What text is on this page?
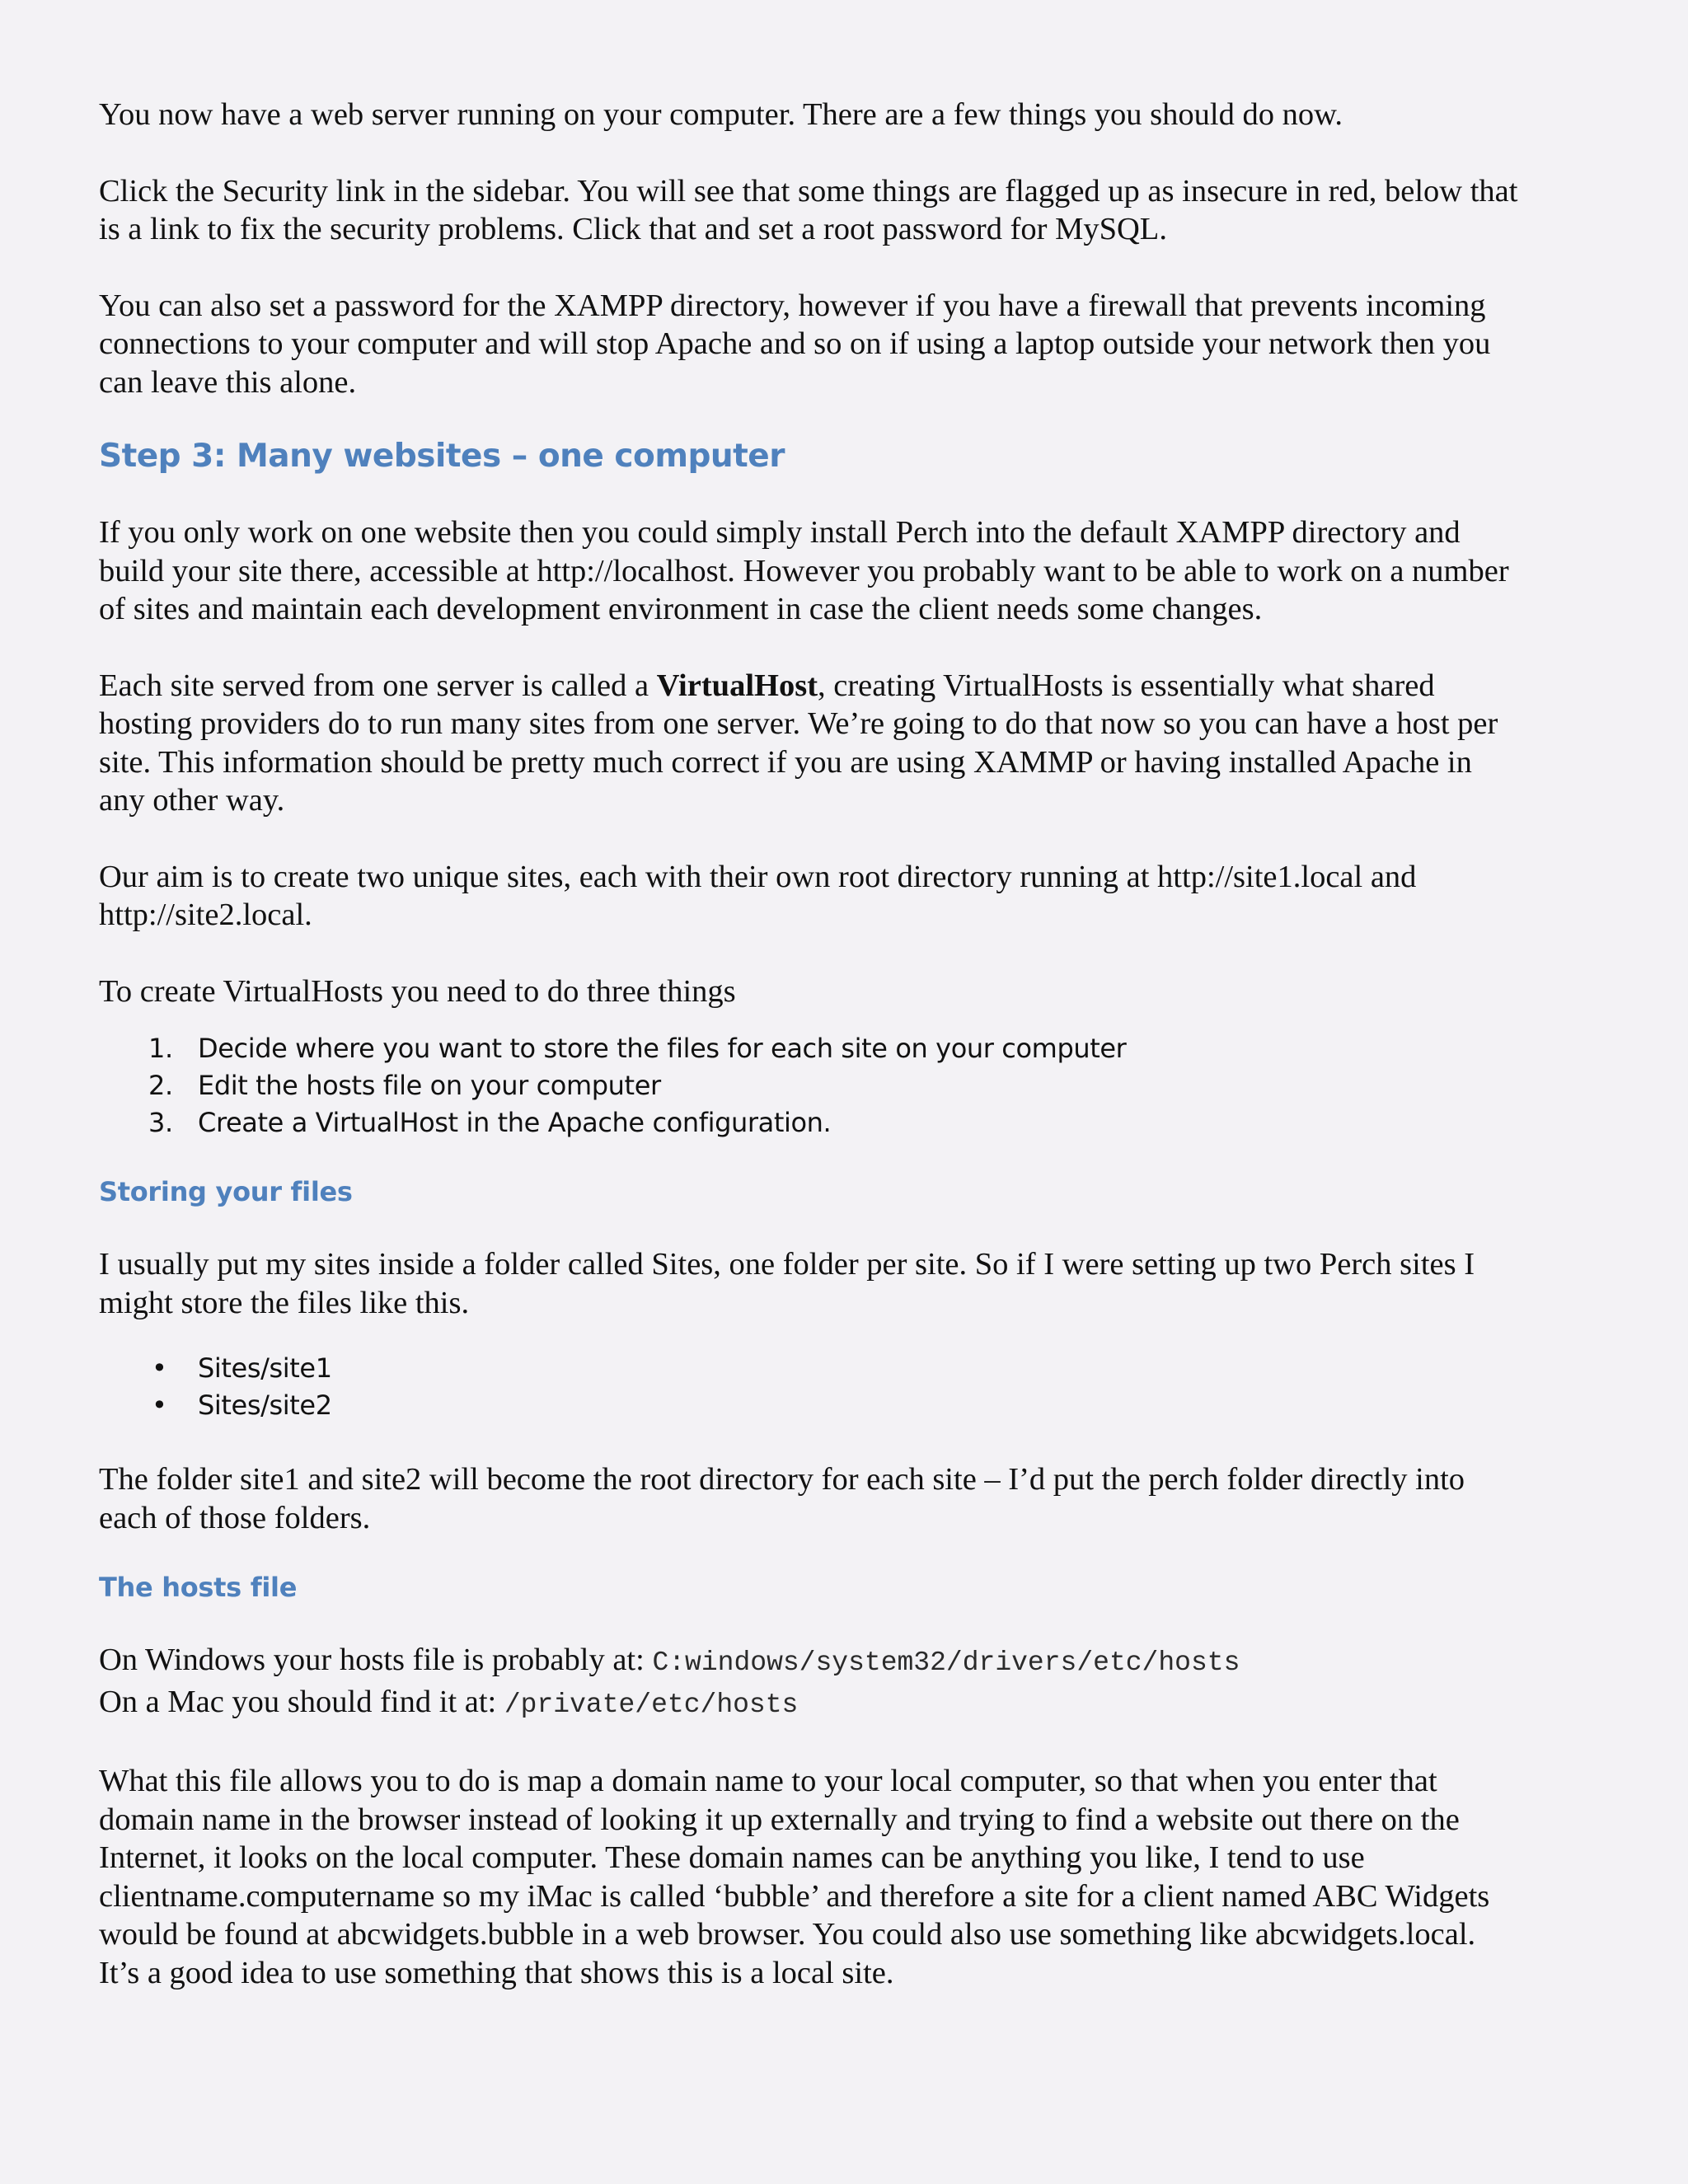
You now have a web server running on your computer. There are a few things you should do now.

Click the Security link in the sidebar. You will see that some things are flagged up as insecure in red, below that
is a link to fix the security problems. Click that and set a root password for MySQL.

You can also set a password for the XAMPP directory, however if you have a firewall that prevents incoming
connections to your computer and will stop Apache and so on if using a laptop outside your network then you
can leave this alone.

Step 3: Many websites – one computer

If you only work on one website then you could simply install Perch into the default XAMPP directory and
build your site there, accessible at http://localhost. However you probably want to be able to work on a number
of sites and maintain each development environment in case the client needs some changes.

Each site served from one server is called a VirtualHost, creating VirtualHosts is essentially what shared
hosting providers do to run many sites from one server. We’re going to do that now so you can have a host per
site. This information should be pretty much correct if you are using XAMMP or having installed Apache in
any other way.

Our aim is to create two unique sites, each with their own root directory running at http://site1.local and
http://site2.local.

To create VirtualHosts you need to do three things

1. Decide where you want to store the files for each site on your computer
2. Edit the hosts file on your computer
3. Create a VirtualHost in the Apache configuration.
Storing your files

I usually put my sites inside a folder called Sites, one folder per site. So if I were setting up two Perch sites I
might store the files like this.

• Sites/site1
• Sites/site2

The folder site1 and site2 will become the root directory for each site – I’d put the perch folder directly into
each of those folders.

The hosts file

On Windows your hosts file is probably at: C:windows/system32/drivers/etc/hosts
On a Mac you should find it at: /private/etc/hosts

What this file allows you to do is map a domain name to your local computer, so that when you enter that
domain name in the browser instead of looking it up externally and trying to find a website out there on the
Internet, it looks on the local computer. These domain names can be anything you like, I tend to use
clientname.computername so my iMac is called ‘bubble’ and therefore a site for a client named ABC Widgets
would be found at abcwidgets.bubble in a web browser. You could also use something like abcwidgets.local.
It’s a good idea to use something that shows this is a local site.
